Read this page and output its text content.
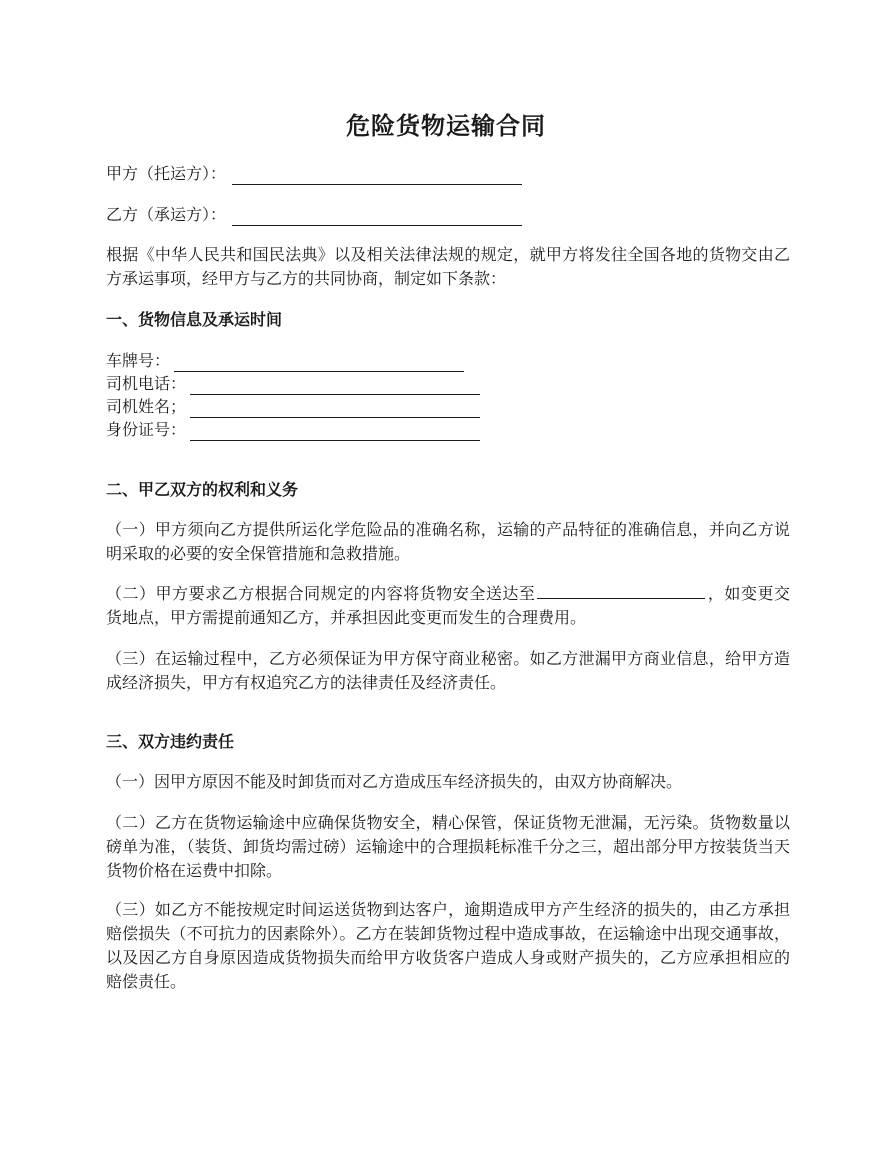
危险货物运输合同
甲方（托运方）：
乙方（承运方）：

根据《中华人民共和国民法典》以及相关法律法规的规定，就甲方将发往全国各地的货物交由乙方承运事项，经甲方与乙方的共同协商，制定如下条款：

一、货物信息及承运时间
车牌号：
司机电话：
司机姓名；
身份证号：
二、甲乙双方的权利和义务

（一）甲方须向乙方提供所运化学危险品的准确名称，运输的产品特征的准确信息，并向乙方说明采取的必要的安全保管措施和急救措施。

（二）甲方要求乙方根据合同规定的内容将货物安全送达至	，如变更交货地点，甲方需提前通知乙方，并承担因此变更而发生的合理费用。

（三）在运输过程中，乙方必须保证为甲方保守商业秘密。如乙方泄漏甲方商业信息，给甲方造成经济损失，甲方有权追究乙方的法律责任及经济责任。

三、双方违约责任

（一）因甲方原因不能及时卸货而对乙方造成压车经济损失的，由双方协商解决。

（二）乙方在货物运输途中应确保货物安全，精心保管，保证货物无泄漏，无污染。货物数量以磅单为准，（装货、卸货均需过磅）运输途中的合理损耗标准千分之三，超出部分甲方按装货当天货物价格在运费中扣除。

（三）如乙方不能按规定时间运送货物到达客户，逾期造成甲方产生经济的损失的，由乙方承担赔偿损失（不可抗力的因素除外）。乙方在装卸货物过程中造成事故，在运输途中出现交通事故，以及因乙方自身原因造成货物损失而给甲方收货客户造成人身或财产损失的，乙方应承担相应的赔偿责任。
